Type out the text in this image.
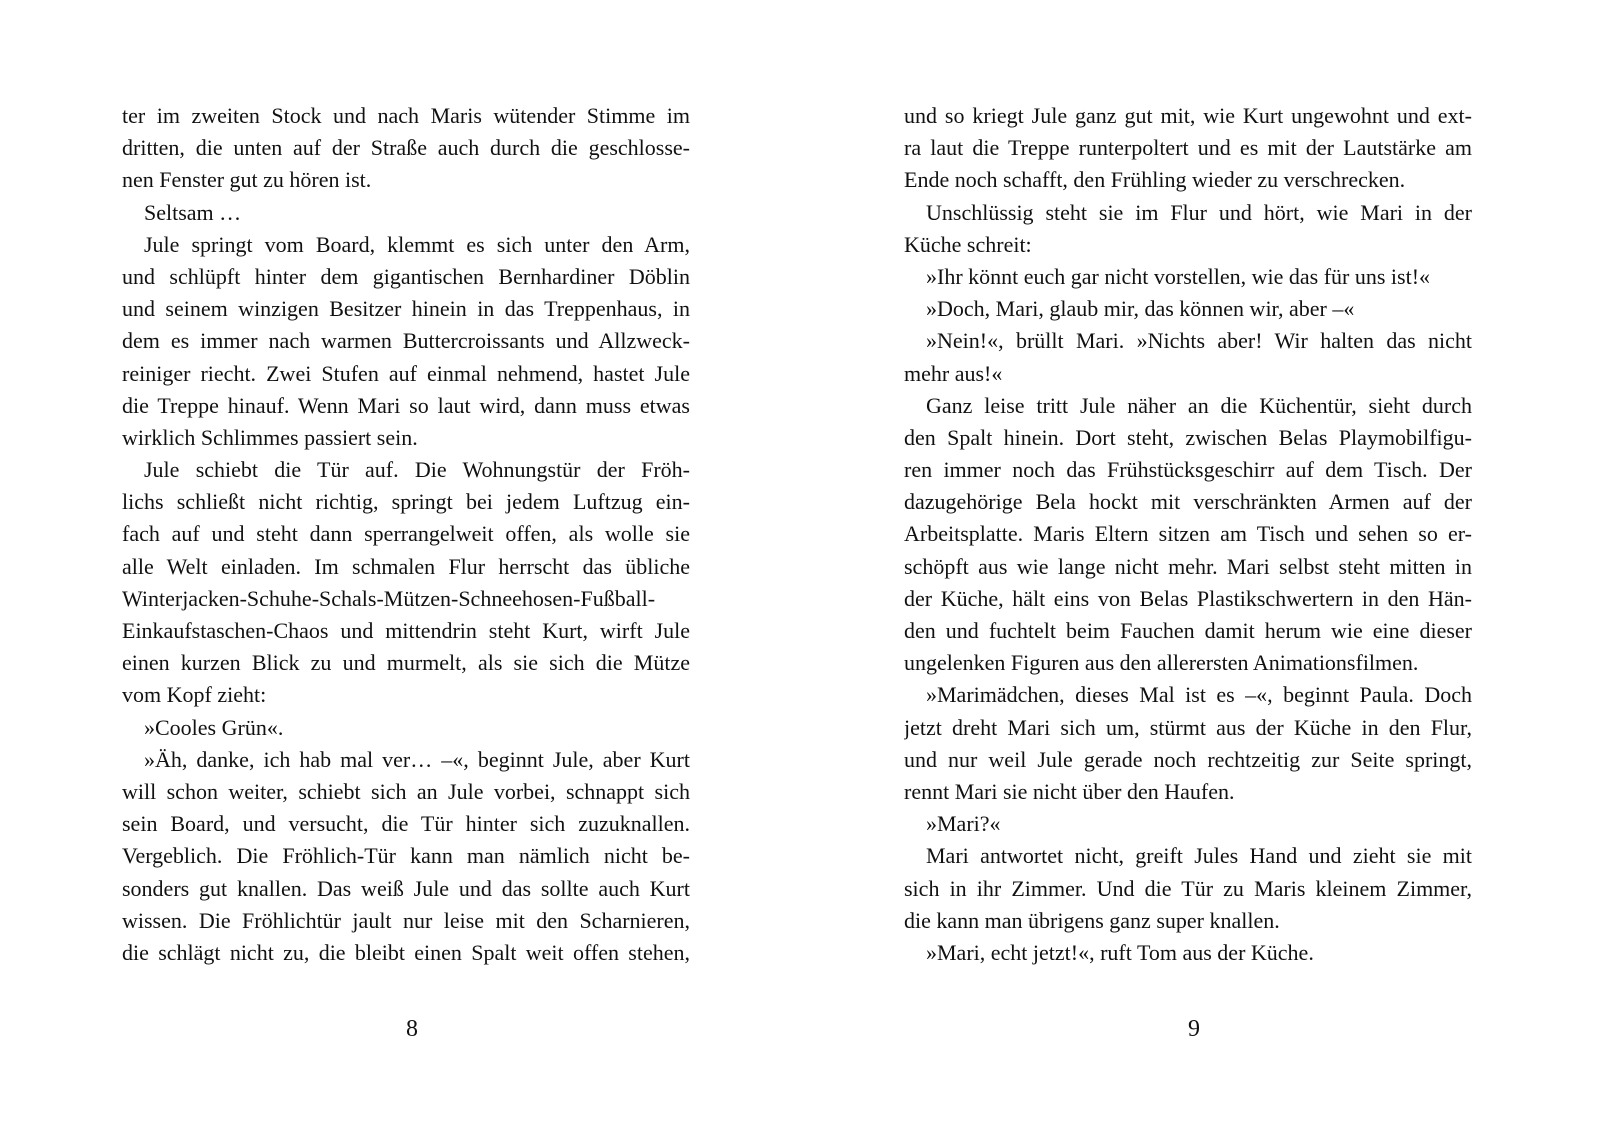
ter im zweiten Stock und nach Maris wütender Stimme im
dritten, die unten auf der Straße auch durch die geschlosse-
nen Fenster gut zu hören ist.
Seltsam …
Jule springt vom Board, klemmt es sich unter den Arm,
und schlüpft hinter dem gigantischen Bernhardiner Döblin
und seinem winzigen Besitzer hinein in das Treppenhaus, in
dem es immer nach warmen Buttercroissants und Allzweck-
reiniger riecht. Zwei Stufen auf einmal nehmend, hastet Jule
die Treppe hinauf. Wenn Mari so laut wird, dann muss etwas
wirklich Schlimmes passiert sein.
Jule schiebt die Tür auf. Die Wohnungstür der Fröh-
lichs schließt nicht richtig, springt bei jedem Luftzug ein-
fach auf und steht dann sperrangelweit offen, als wolle sie
alle Welt einladen. Im schmalen Flur herrscht das übliche
Winterjacken-Schuhe-Schals-Mützen-Schneehosen-Fußball-
Einkaufstaschen-Chaos und mittendrin steht Kurt, wirft Jule
einen kurzen Blick zu und murmelt, als sie sich die Mütze
vom Kopf zieht:
»Cooles Grün«.
»Äh, danke, ich hab mal ver… –«, beginnt Jule, aber Kurt
will schon weiter, schiebt sich an Jule vorbei, schnappt sich
sein Board, und versucht, die Tür hinter sich zuzuknallen.
Vergeblich. Die Fröhlich-Tür kann man nämlich nicht be-
sonders gut knallen. Das weiß Jule und das sollte auch Kurt
wissen. Die Fröhlichtür jault nur leise mit den Scharnieren,
die schlägt nicht zu, die bleibt einen Spalt weit offen stehen,
und so kriegt Jule ganz gut mit, wie Kurt ungewohnt und ext-
ra laut die Treppe runterpoltert und es mit der Lautstärke am
Ende noch schafft, den Frühling wieder zu verschrecken.
Unschlüssig steht sie im Flur und hört, wie Mari in der
Küche schreit:
»Ihr könnt euch gar nicht vorstellen, wie das für uns ist!«
»Doch, Mari, glaub mir, das können wir, aber –«
»Nein!«, brüllt Mari. »Nichts aber! Wir halten das nicht
mehr aus!«
Ganz leise tritt Jule näher an die Küchentür, sieht durch
den Spalt hinein. Dort steht, zwischen Belas Playmobilfigu-
ren immer noch das Frühstücksgeschirr auf dem Tisch. Der
dazugehörige Bela hockt mit verschränkten Armen auf der
Arbeitsplatte. Maris Eltern sitzen am Tisch und sehen so er-
schöpft aus wie lange nicht mehr. Mari selbst steht mitten in
der Küche, hält eins von Belas Plastikschwertern in den Hän-
den und fuchtelt beim Fauchen damit herum wie eine dieser
ungelenken Figuren aus den allerersten Animationsfilmen.
»Marimädchen, dieses Mal ist es –«, beginnt Paula. Doch
jetzt dreht Mari sich um, stürmt aus der Küche in den Flur,
und nur weil Jule gerade noch rechtzeitig zur Seite springt,
rennt Mari sie nicht über den Haufen.
»Mari?«
Mari antwortet nicht, greift Jules Hand und zieht sie mit
sich in ihr Zimmer. Und die Tür zu Maris kleinem Zimmer,
die kann man übrigens ganz super knallen.
»Mari, echt jetzt!«, ruft Tom aus der Küche.
8	9
